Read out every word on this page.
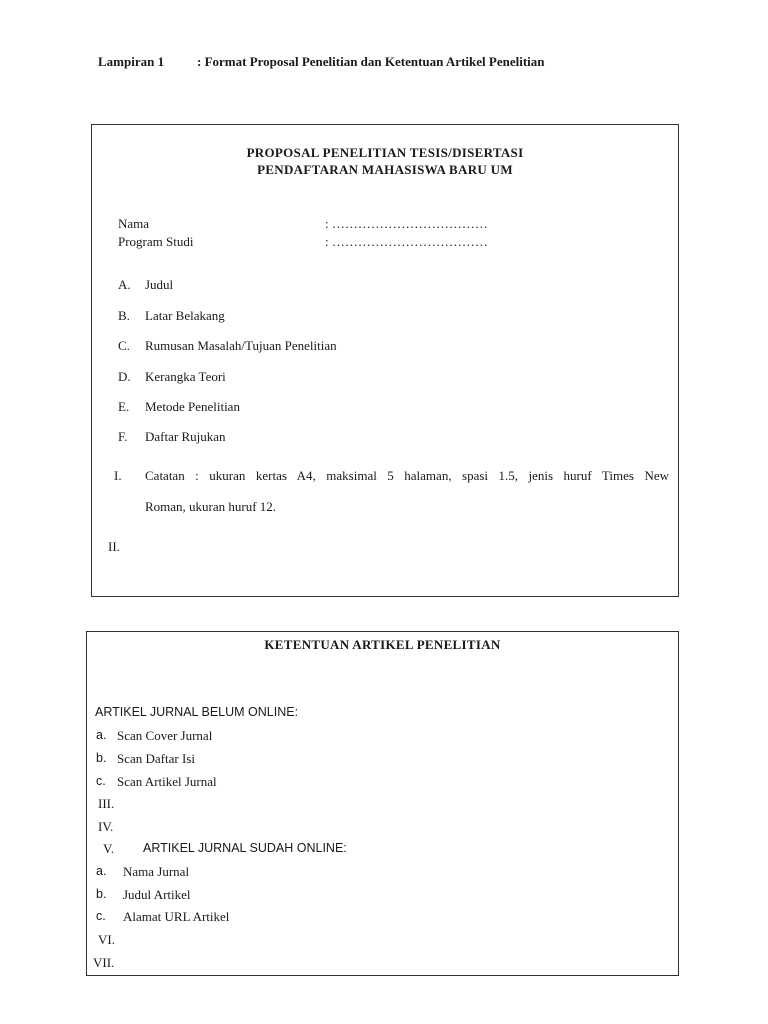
Lampiran 1	: Format Proposal Penelitian dan Ketentuan Artikel Penelitian
PROPOSAL PENELITIAN TESIS/DISERTASI
PENDAFTARAN MAHASISWA BARU UM
Nama	: ………………………………
Program Studi	: ………………………………
A. Judul
B. Latar Belakang
C. Rumusan Masalah/Tujuan Penelitian
D. Kerangka Teori
E. Metode Penelitian
F. Daftar Rujukan
I. Catatan : ukuran kertas A4, maksimal 5 halaman, spasi 1.5, jenis huruf Times New
Roman, ukuran huruf 12.
II.
KETENTUAN ARTIKEL PENELITIAN
ARTIKEL JURNAL BELUM ONLINE:
a. Scan Cover Jurnal
b. Scan Daftar Isi
c. Scan Artikel Jurnal
III.
IV.
V. ARTIKEL JURNAL SUDAH ONLINE:
a. Nama Jurnal
b. Judul Artikel
c. Alamat URL Artikel
VI.
VII.
